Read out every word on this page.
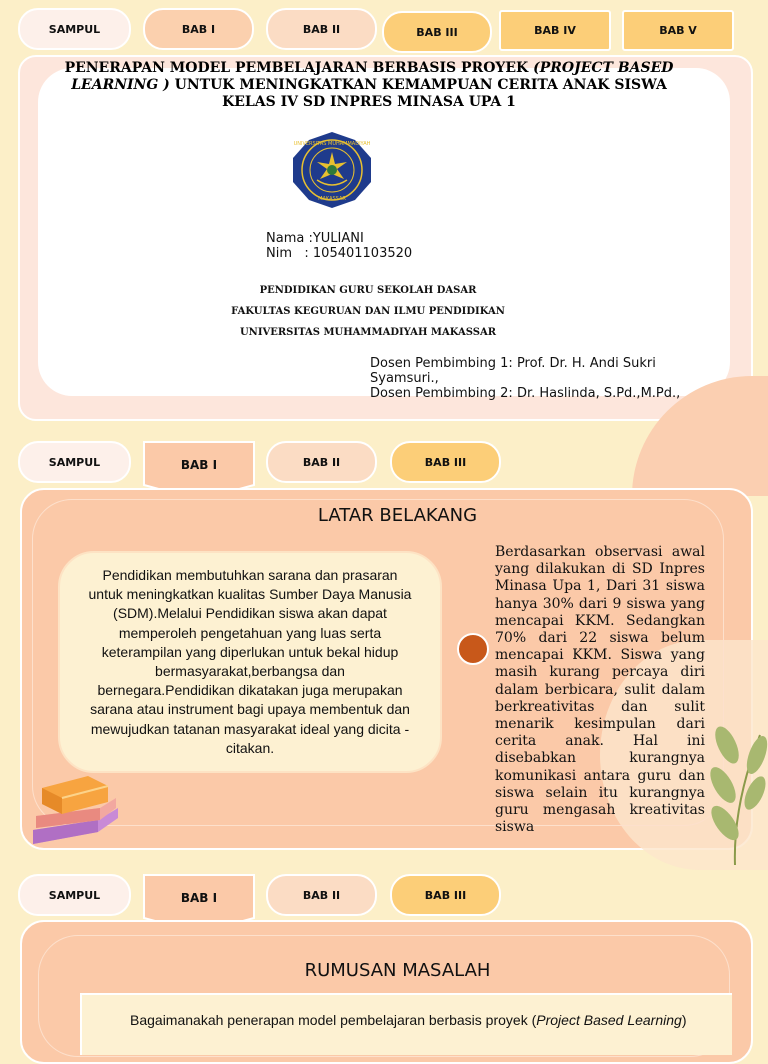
SAMPUL	BAB I	BAB II	BAB III	BAB IV	BAB V
PENERAPAN MODEL PEMBELAJARAN BERBASIS PROYEK (PROJECT BASED LEARNING ) UNTUK MENINGKATKAN KEMAMPUAN CERITA ANAK SISWA
KELAS IV SD INPRES MINASA UPA 1
UNIVERSITAS MUHAMMADIYAH
MAKASSAR
Nama :YULIANI
Nim   : 105401103520
PENDIDIKAN GURU SEKOLAH DASAR
FAKULTAS KEGURUAN DAN ILMU PENDIDIKAN
UNIVERSITAS MUHAMMADIYAH MAKASSAR
Dosen Pembimbing 1: Prof. Dr. H. Andi Sukri Syamsuri.,
Dosen Pembimbing 2: Dr. Haslinda, S.Pd.,M.Pd.,
SAMPUL	BAB I	BAB II	BAB III
LATAR BELAKANG
Pendidikan membutuhkan sarana dan prasaran untuk meningkatkan kualitas Sumber Daya Manusia (SDM).Melalui Pendidikan siswa akan dapat memperoleh pengetahuan yang luas serta keterampilan yang diperlukan untuk bekal hidup bermasyarakat,berbangsa dan bernegara.Pendidikan dikatakan juga merupakan sarana atau instrument bagi upaya membentuk dan mewujudkan tatanan masyarakat ideal yang dicita -citakan.
Berdasarkan observasi awal yang dilakukan di SD Inpres Minasa Upa 1, Dari 31 siswa hanya 30% dari 9 siswa yang mencapai KKM. Sedangkan 70% dari 22 siswa belum mencapai KKM. Siswa yang masih kurang percaya diri dalam berbicara, sulit dalam berkreativitas dan sulit menarik kesimpulan dari cerita anak. Hal ini disebabkan kurangnya komunikasi antara guru dan siswa selain itu kurangnya guru mengasah kreativitas siswa
SAMPUL	BAB I	BAB II	BAB III
RUMUSAN MASALAH
Bagaimanakah penerapan model pembelajaran berbasis proyek (Project Based Learning)
